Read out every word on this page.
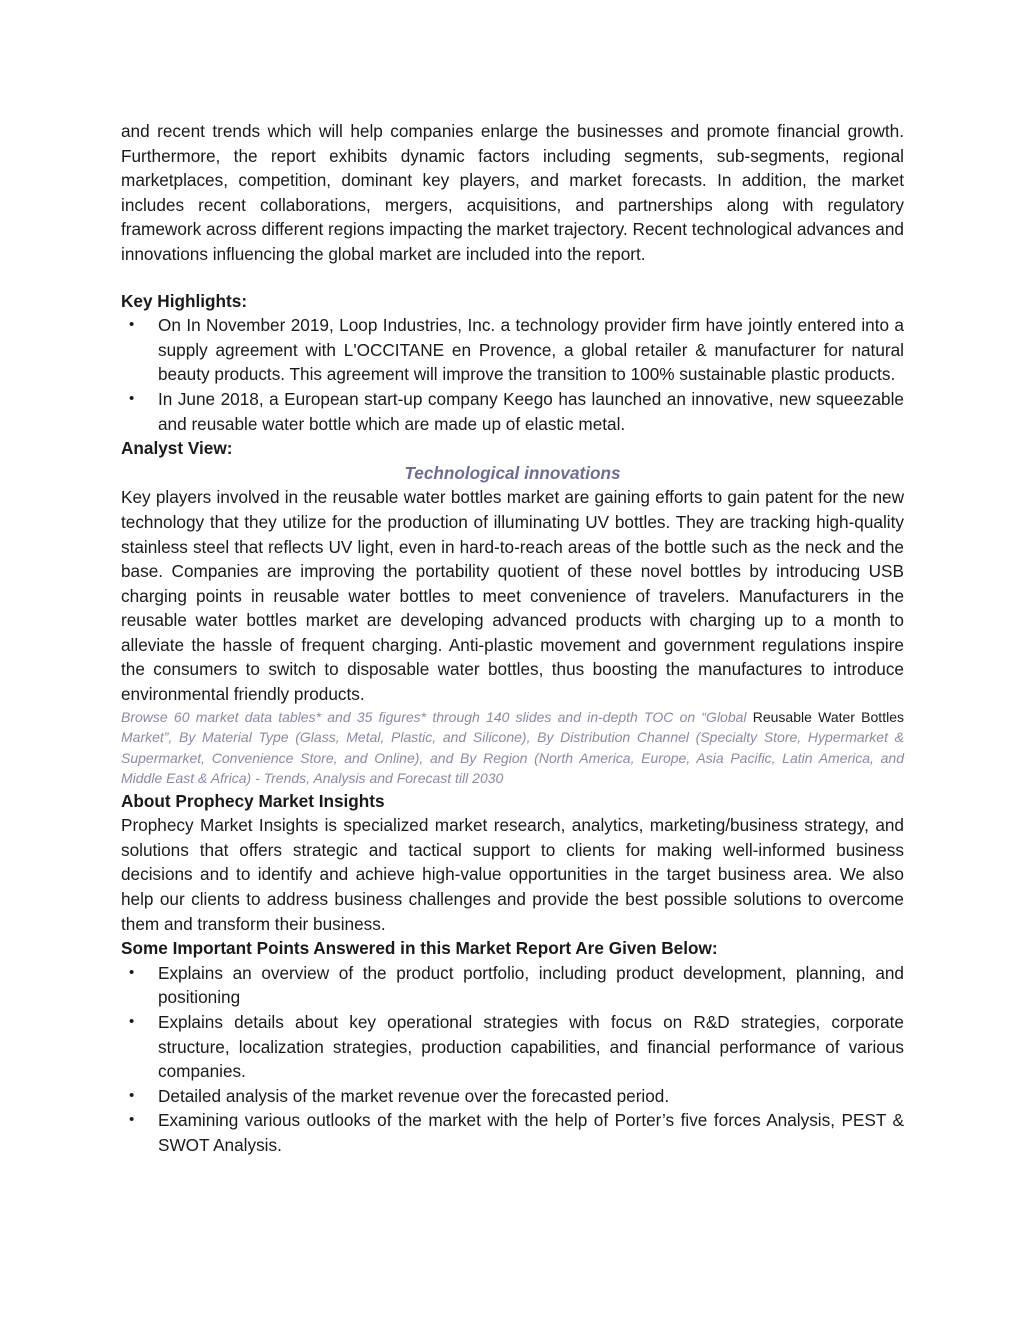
and recent trends which will help companies enlarge the businesses and promote financial growth. Furthermore, the report exhibits dynamic factors including segments, sub-segments, regional marketplaces, competition, dominant key players, and market forecasts. In addition, the market includes recent collaborations, mergers, acquisitions, and partnerships along with regulatory framework across different regions impacting the market trajectory. Recent technological advances and innovations influencing the global market are included into the report.

Key Highlights:

• On In November 2019, Loop Industries, Inc. a technology provider firm have jointly entered into a supply agreement with L'OCCITANE en Provence, a global retailer & manufacturer for natural beauty products. This agreement will improve the transition to 100% sustainable plastic products.
• In June 2018, a European start-up company Keego has launched an innovative, new squeezable and reusable water bottle which are made up of elastic metal.

Analyst View:

Technological innovations

Key players involved in the reusable water bottles market are gaining efforts to gain patent for the new technology that they utilize for the production of illuminating UV bottles. They are tracking high-quality stainless steel that reflects UV light, even in hard-to-reach areas of the bottle such as the neck and the base. Companies are improving the portability quotient of these novel bottles by introducing USB charging points in reusable water bottles to meet convenience of travelers. Manufacturers in the reusable water bottles market are developing advanced products with charging up to a month to alleviate the hassle of frequent charging. Anti-plastic movement and government regulations inspire the consumers to switch to disposable water bottles, thus boosting the manufactures to introduce environmental friendly products.

Browse 60 market data tables* and 35 figures* through 140 slides and in-depth TOC on “Global Reusable Water Bottles Market”, By Material Type (Glass, Metal, Plastic, and Silicone), By Distribution Channel (Specialty Store, Hypermarket & Supermarket, Convenience Store, and Online), and By Region (North America, Europe, Asia Pacific, Latin America, and Middle East & Africa) - Trends, Analysis and Forecast till 2030

About Prophecy Market Insights

Prophecy Market Insights is specialized market research, analytics, marketing/business strategy, and solutions that offers strategic and tactical support to clients for making well-informed business decisions and to identify and achieve high-value opportunities in the target business area. We also help our clients to address business challenges and provide the best possible solutions to overcome them and transform their business.

Some Important Points Answered in this Market Report Are Given Below:

• Explains an overview of the product portfolio, including product development, planning, and positioning
• Explains details about key operational strategies with focus on R&D strategies, corporate structure, localization strategies, production capabilities, and financial performance of various companies.
• Detailed analysis of the market revenue over the forecasted period.
• Examining various outlooks of the market with the help of Porter’s five forces Analysis, PEST & SWOT Analysis.
